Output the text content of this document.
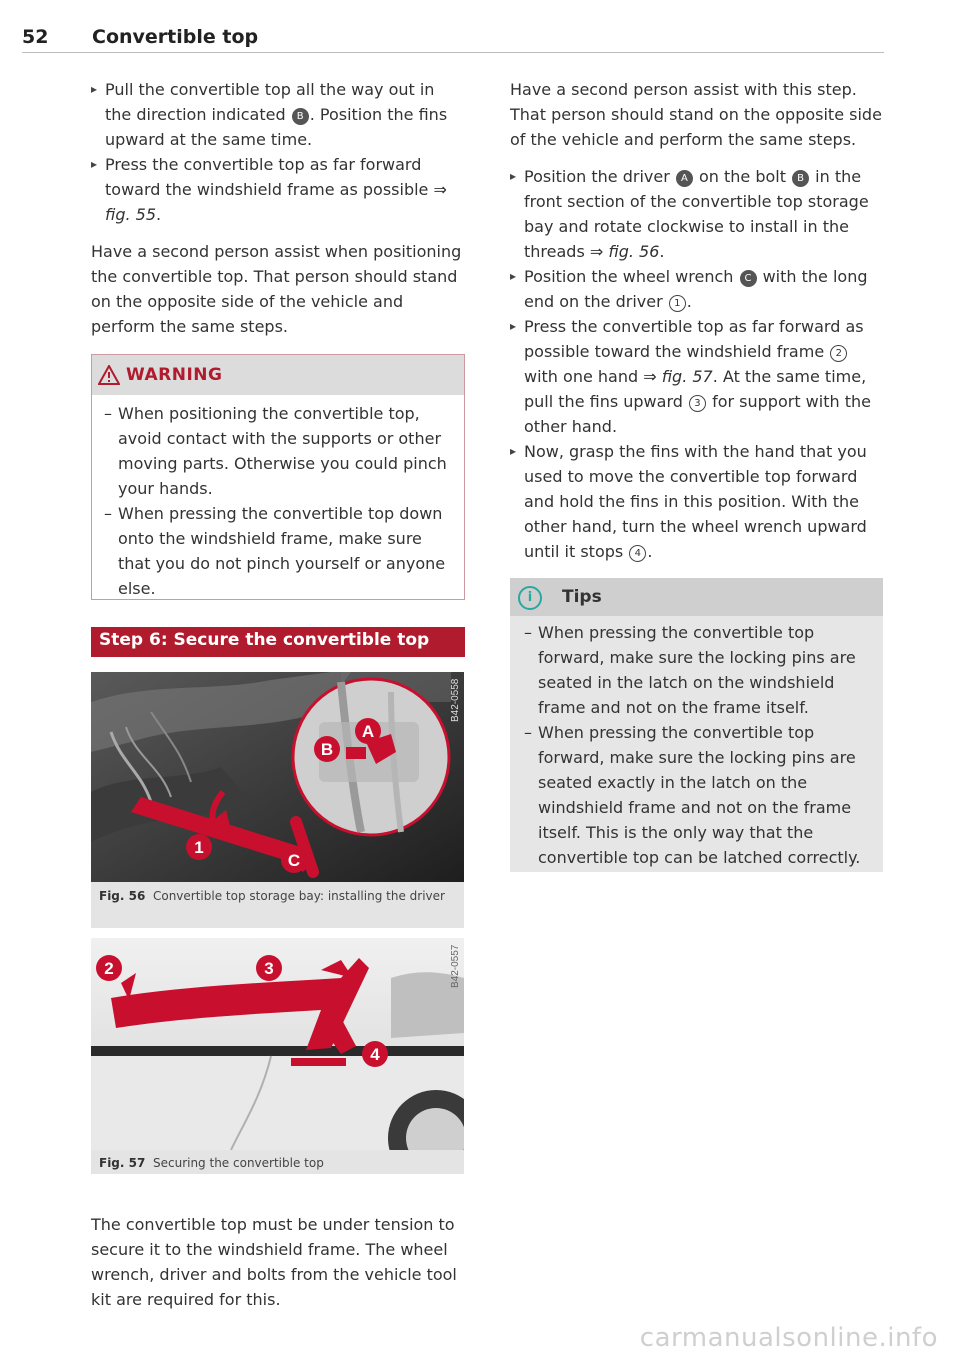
52 Convertible top
▸ Pull the convertible top all the way out in the direction indicated B . Position the fins upward at the same time.
▸ Press the convertible top as far forward toward the windshield frame as possible ⇒ fig. 55.

Have a second person assist when positioning the convertible top. That person should stand on the opposite side of the vehicle and perform the same steps.

WARNING
– When positioning the convertible top, avoid contact with the supports or other moving parts. Otherwise you could pinch your hands.
– When pressing the convertible top down onto the windshield frame, make sure that you do not pinch yourself or anyone else.
Step 6: Secure the convertible top
A
B
C
1
B42-0558
Fig. 56 Convertible top storage bay: installing the driver
2	3
4
B42-0557
Fig. 57 Securing the convertible top

The convertible top must be under tension to secure it to the windshield frame. The wheel wrench, driver and bolts from the vehicle tool kit are required for this.

Have a second person assist with this step. That person should stand on the opposite side of the vehicle and perform the same steps.

▸ Position the driver A on the bolt B in the front section of the convertible top storage bay and rotate clockwise to install in the threads ⇒ fig. 56.
▸ Position the wheel wrench C with the long end on the driver 1 .
▸ Press the convertible top as far forward as possible toward the windshield frame 2 with one hand ⇒ fig. 57. At the same time, pull the fins upward 3 for support with the other hand.
▸ Now, grasp the fins with the hand that you used to move the convertible top forward and hold the fins in this position. With the other hand, turn the wheel wrench upward until it stops 4 .
i	Tips
– When pressing the convertible top forward, make sure the locking pins are seated in the latch on the windshield frame and not on the frame itself.
– When pressing the convertible top forward, make sure the locking pins are seated exactly in the latch on the windshield frame and not on the frame itself. This is the only way that the convertible top can be latched correctly.
carmanualsonline.info
